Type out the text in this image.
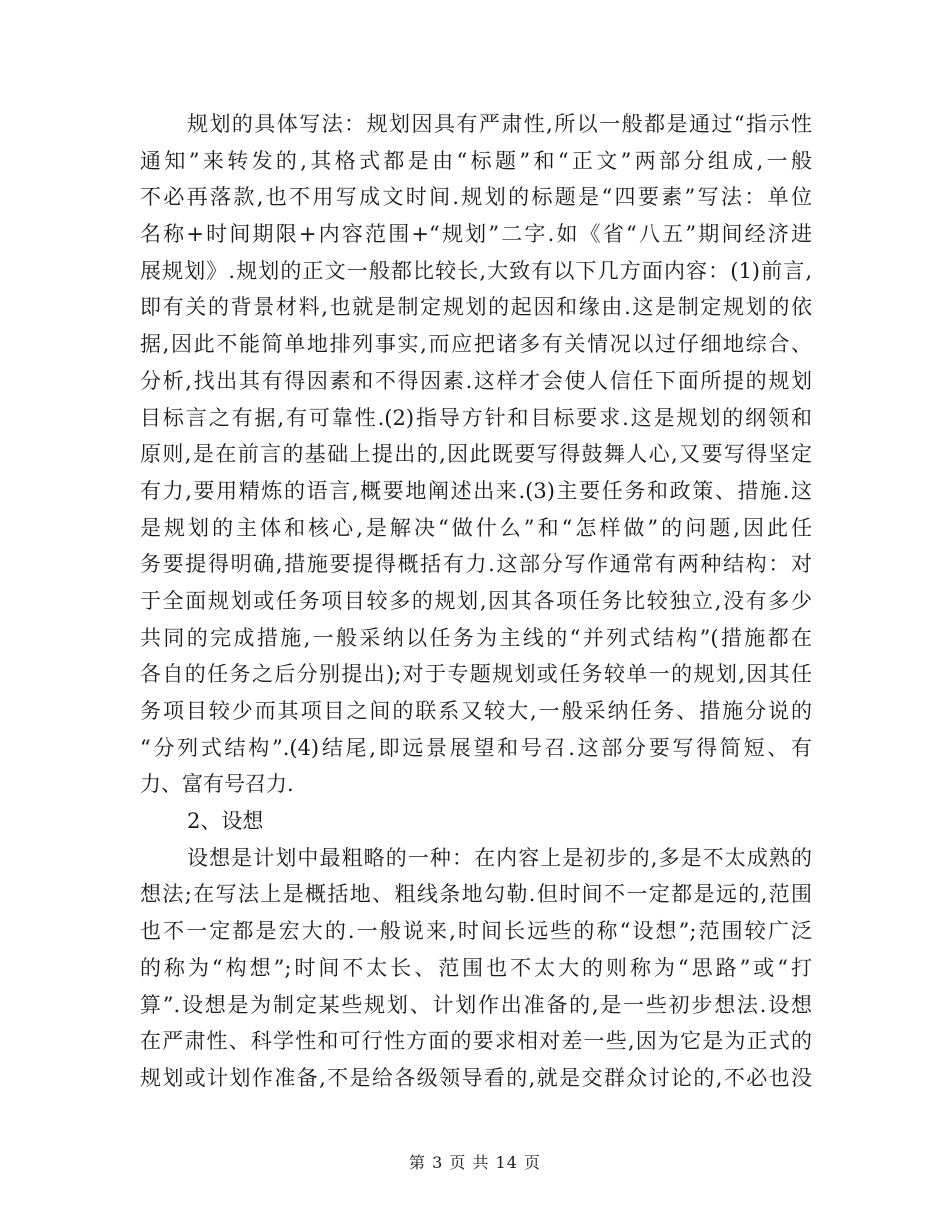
规划的具体写法：规划因具有严肃性,所以一般都是通过“指示性
通知”来转发的,其格式都是由“标题”和“正文”两部分组成,一般
不必再落款,也不用写成文时间.规划的标题是“四要素”写法：单位
名称+时间期限+内容范围+“规划”二字.如《省“八五”期间经济进
展规划》.规划的正文一般都比较长,大致有以下几方面内容：(1)前言,
即有关的背景材料,也就是制定规划的起因和缘由.这是制定规划的依
据,因此不能简单地排列事实,而应把诸多有关情况以过仔细地综合、
分析,找出其有得因素和不得因素.这样才会使人信任下面所提的规划
目标言之有据,有可靠性.(2)指导方针和目标要求.这是规划的纲领和
原则,是在前言的基础上提出的,因此既要写得鼓舞人心,又要写得坚定
有力,要用精炼的语言,概要地阐述出来.(3)主要任务和政策、措施.这
是规划的主体和核心,是解决“做什么”和“怎样做”的问题,因此任
务要提得明确,措施要提得概括有力.这部分写作通常有两种结构：对
于全面规划或任务项目较多的规划,因其各项任务比较独立,没有多少
共同的完成措施,一般采纳以任务为主线的“并列式结构”(措施都在
各自的任务之后分别提出);对于专题规划或任务较单一的规划,因其任
务项目较少而其项目之间的联系又较大,一般采纳任务、措施分说的
“分列式结构”.(4)结尾,即远景展望和号召.这部分要写得简短、有
力、富有号召力.
2、设想
设想是计划中最粗略的一种：在内容上是初步的,多是不太成熟的
想法;在写法上是概括地、粗线条地勾勒.但时间不一定都是远的,范围
也不一定都是宏大的.一般说来,时间长远些的称“设想”;范围较广泛
的称为“构想”;时间不太长、范围也不太大的则称为“思路”或“打
算”.设想是为制定某些规划、计划作出准备的,是一些初步想法.设想
在严肃性、科学性和可行性方面的要求相对差一些,因为它是为正式的
规划或计划作准备,不是给各级领导看的,就是交群众讨论的,不必也没
第 3 页 共 14 页
